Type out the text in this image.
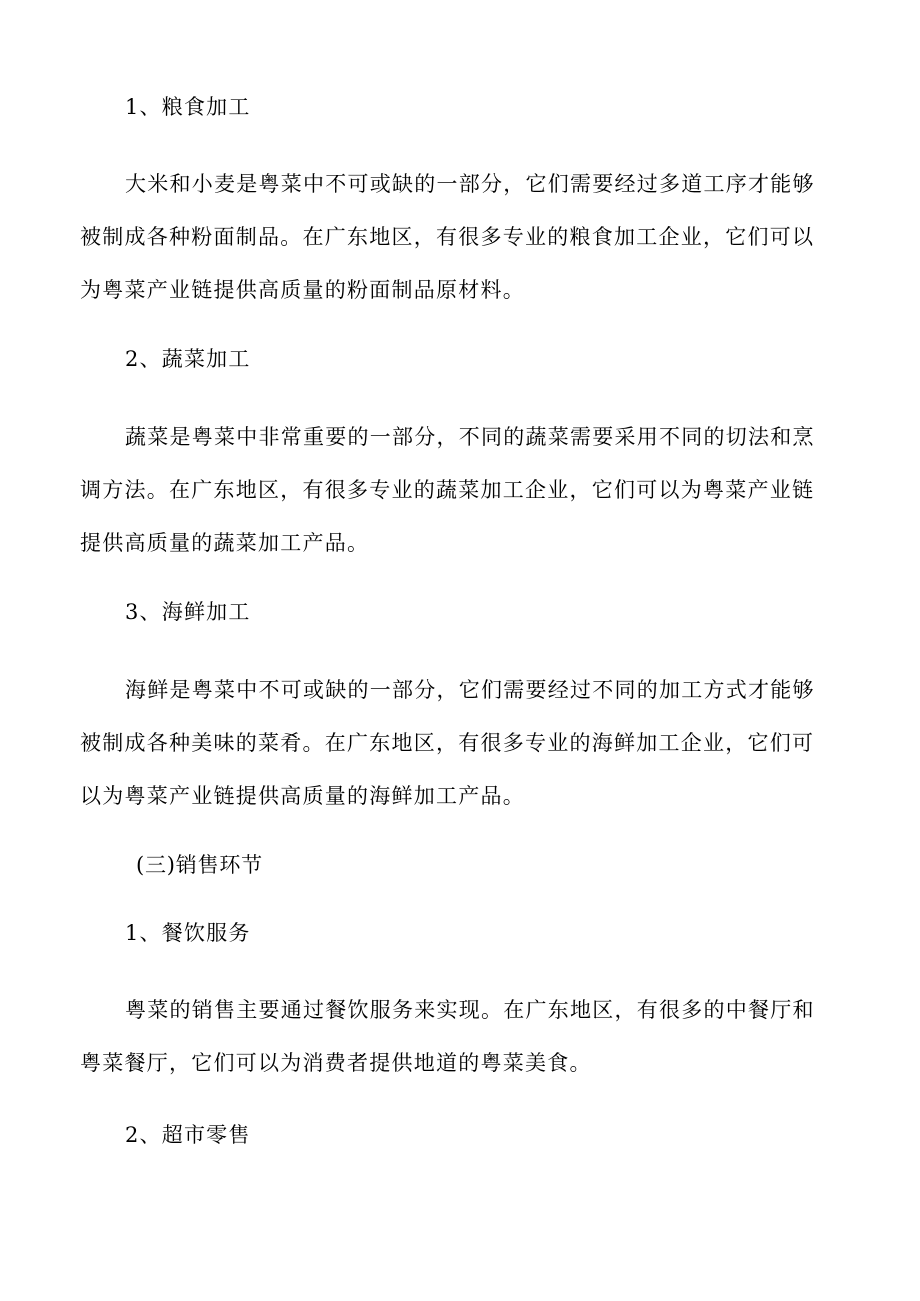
1、粮食加工
大米和小麦是粤菜中不可或缺的一部分，它们需要经过多道工序才能够
被制成各种粉面制品。在广东地区，有很多专业的粮食加工企业，它们可以
为粤菜产业链提供高质量的粉面制品原材料。
2、蔬菜加工
蔬菜是粤菜中非常重要的一部分，不同的蔬菜需要采用不同的切法和烹
调方法。在广东地区，有很多专业的蔬菜加工企业，它们可以为粤菜产业链
提供高质量的蔬菜加工产品。
3、海鲜加工
海鲜是粤菜中不可或缺的一部分，它们需要经过不同的加工方式才能够
被制成各种美味的菜肴。在广东地区，有很多专业的海鲜加工企业，它们可
以为粤菜产业链提供高质量的海鲜加工产品。
(三)销售环节
1、餐饮服务
粤菜的销售主要通过餐饮服务来实现。在广东地区，有很多的中餐厅和
粤菜餐厅，它们可以为消费者提供地道的粤菜美食。
2、超市零售
